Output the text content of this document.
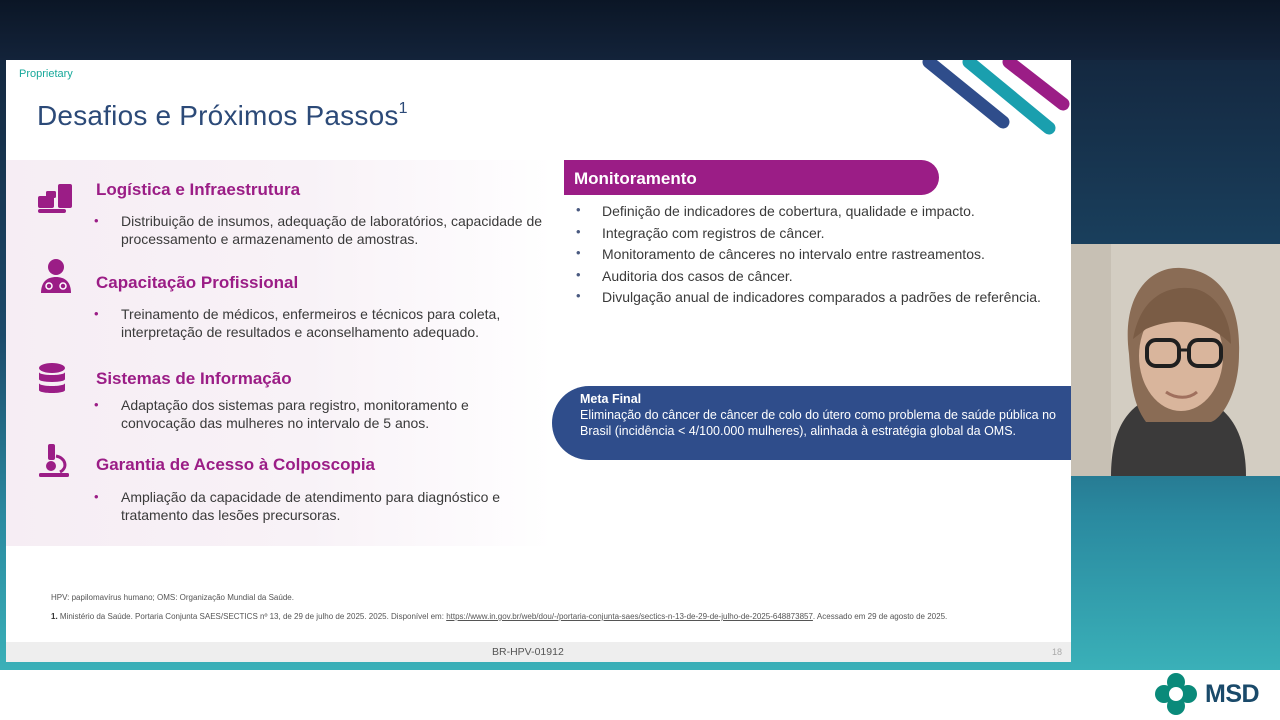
Proprietary
Desafios e Próximos Passos$^1$
Logística e Infraestrutura
• Distribuição de insumos, adequação de laboratórios, capacidade de processamento e armazenamento de amostras.
Capacitação Profissional
• Treinamento de médicos, enfermeiros e técnicos para coleta, interpretação de resultados e aconselhamento adequado.
Sistemas de Informação
• Adaptação dos sistemas para registro, monitoramento e convocação das mulheres no intervalo de 5 anos.
Garantia de Acesso à Colposcopia
• Ampliação da capacidade de atendimento para diagnóstico e tratamento das lesões precursoras.
Monitoramento
• Definição de indicadores de cobertura, qualidade e impacto.
• Integração com registros de câncer.
• Monitoramento de cânceres no intervalo entre rastreamentos.
• Auditoria dos casos de câncer.
• Divulgação anual de indicadores comparados a padrões de referência.
Meta Final
Eliminação do câncer de câncer de colo do útero como problema de saúde pública no Brasil (incidência < 4/100.000 mulheres), alinhada à estratégia global da OMS.
HPV: papilomavírus humano; OMS: Organização Mundial da Saúde.
1. Ministério da Saúde. Portaria Conjunta SAES/SECTICS nº 13, de 29 de julho de 2025. 2025. Disponível em: https://www.in.gov.br/web/dou/-/portaria-conjunta-saes/sectics-n-13-de-29-de-julho-de-2025-648873857. Acessado em 29 de agosto de 2025.
BR-HPV-01912	18
MSD
